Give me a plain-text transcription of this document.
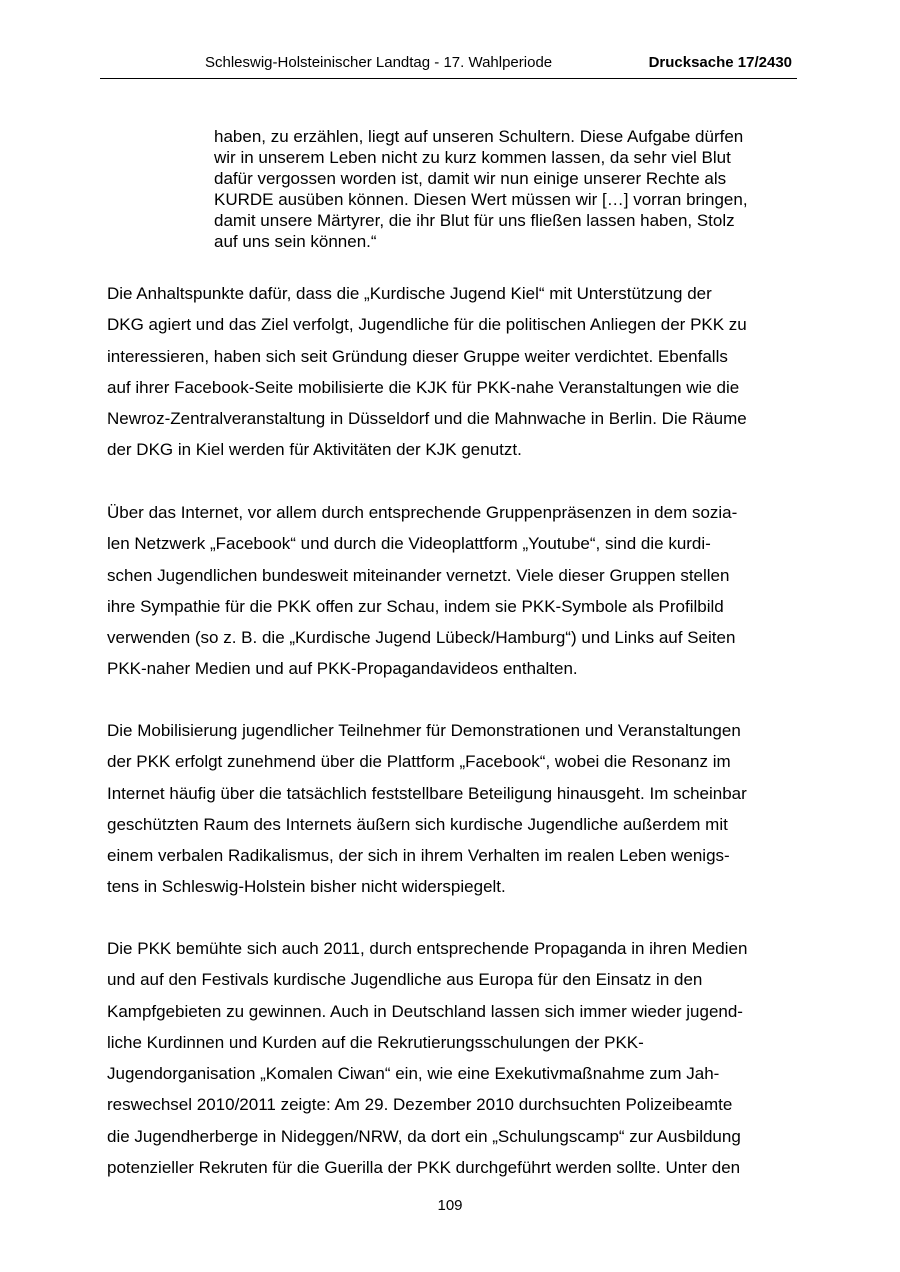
Schleswig-Holsteinischer Landtag - 17. Wahlperiode	Drucksache 17/2430
haben, zu erzählen, liegt auf unseren Schultern. Diese Aufgabe dürfen
wir in unserem Leben nicht zu kurz kommen lassen, da sehr viel Blut
dafür vergossen worden ist, damit wir nun einige unserer Rechte als
KURDE ausüben können. Diesen Wert müssen wir […] vorran bringen,
damit unsere Märtyrer, die ihr Blut für uns fließen lassen haben, Stolz
auf uns sein können.“
Die Anhaltspunkte dafür, dass die „Kurdische Jugend Kiel“ mit Unterstützung der
DKG agiert und das Ziel verfolgt, Jugendliche für die politischen Anliegen der PKK zu
interessieren, haben sich seit Gründung dieser Gruppe weiter verdichtet. Ebenfalls
auf ihrer Facebook-Seite mobilisierte die KJK für PKK-nahe Veranstaltungen wie die
Newroz-Zentralveranstaltung in Düsseldorf und die Mahnwache in Berlin. Die Räume
der DKG in Kiel werden für Aktivitäten der KJK genutzt.
Über das Internet, vor allem durch entsprechende Gruppenpräsenzen in dem sozia-
len Netzwerk „Facebook“ und durch die Videoplattform „Youtube“, sind die kurdi-
schen Jugendlichen bundesweit miteinander vernetzt. Viele dieser Gruppen stellen
ihre Sympathie für die PKK offen zur Schau, indem sie PKK-Symbole als Profilbild
verwenden (so z. B. die „Kurdische Jugend Lübeck/Hamburg“) und Links auf Seiten
PKK-naher Medien und auf PKK-Propagandavideos enthalten.
Die Mobilisierung jugendlicher Teilnehmer für Demonstrationen und Veranstaltungen
der PKK erfolgt zunehmend über die Plattform „Facebook“, wobei die Resonanz im
Internet häufig über die tatsächlich feststellbare Beteiligung hinausgeht. Im scheinbar
geschützten Raum des Internets äußern sich kurdische Jugendliche außerdem mit
einem verbalen Radikalismus, der sich in ihrem Verhalten im realen Leben wenigs-
tens in Schleswig-Holstein bisher nicht widerspiegelt.
Die PKK bemühte sich auch 2011, durch entsprechende Propaganda in ihren Medien
und auf den Festivals kurdische Jugendliche aus Europa für den Einsatz in den
Kampfgebieten zu gewinnen. Auch in Deutschland lassen sich immer wieder jugend-
liche Kurdinnen und Kurden auf die Rekrutierungsschulungen der PKK-
Jugendorganisation „Komalen Ciwan“ ein, wie eine Exekutivmaßnahme zum Jah-
reswechsel 2010/2011 zeigte: Am 29. Dezember 2010 durchsuchten Polizeibeamte
die Jugendherberge in Nideggen/NRW, da dort ein „Schulungscamp“ zur Ausbildung
potenzieller Rekruten für die Guerilla der PKK durchgeführt werden sollte. Unter den
109
